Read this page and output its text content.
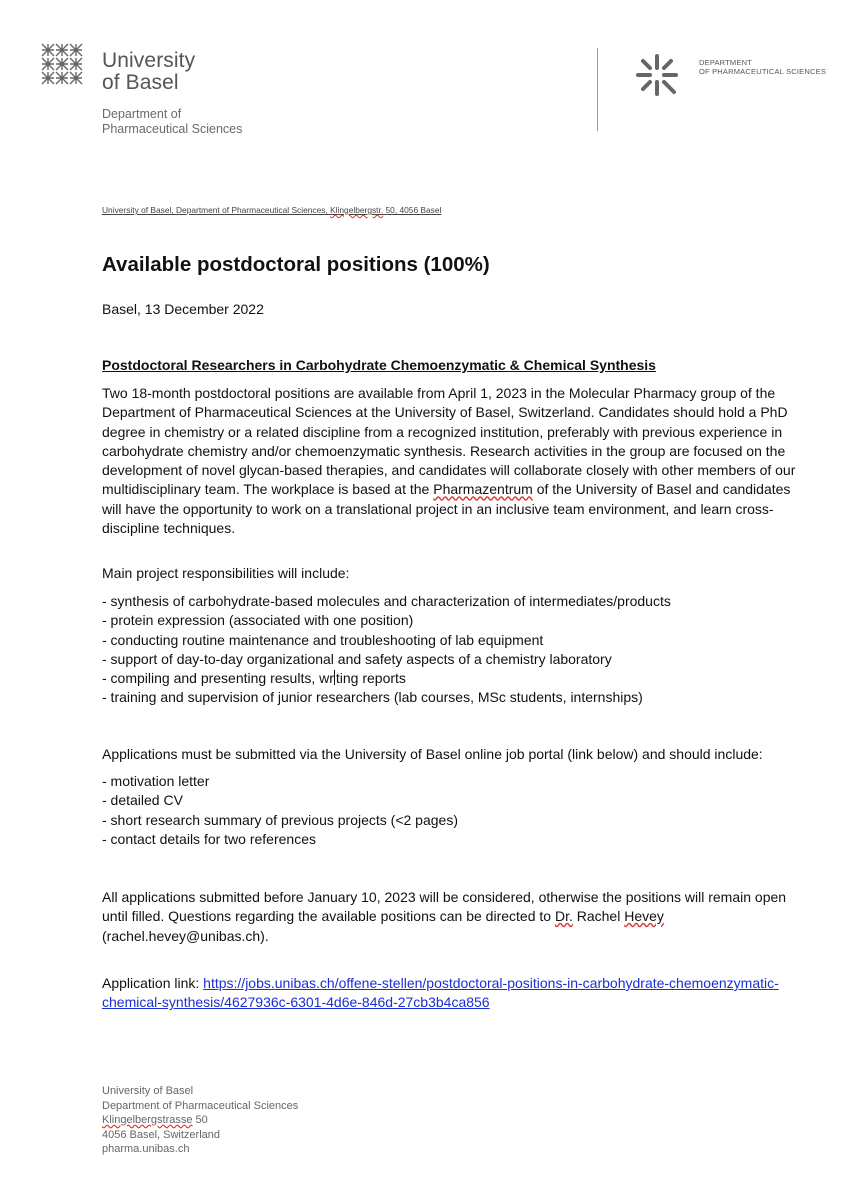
University
of Basel
Department of
Pharmaceutical Sciences
DEPARTMENT
OF PHARMACEUTICAL SCIENCES
University of Basel, Department of Pharmaceutical Sciences, Klingelbergstr. 50, 4056 Basel
Available postdoctoral positions (100%)
Basel, 13 December 2022
Postdoctoral Researchers in Carbohydrate Chemoenzymatic & Chemical Synthesis
Two 18-month postdoctoral positions are available from April 1, 2023 in the Molecular Pharmacy group of the Department of Pharmaceutical Sciences at the University of Basel, Switzerland. Candidates should hold a PhD degree in chemistry or a related discipline from a recognized institution, preferably with previous experience in carbohydrate chemistry and/or chemoenzymatic synthesis. Research activities in the group are focused on the development of novel glycan-based therapies, and candidates will collaborate closely with other members of our multidisciplinary team. The workplace is based at the Pharmazentrum of the University of Basel and candidates will have the opportunity to work on a translational project in an inclusive team environment, and learn cross-discipline techniques.
Main project responsibilities will include:
- synthesis of carbohydrate-based molecules and characterization of intermediates/products
- protein expression (associated with one position)
- conducting routine maintenance and troubleshooting of lab equipment
- support of day-to-day organizational and safety aspects of a chemistry laboratory
- compiling and presenting results, wr ting reports
- training and supervision of junior researchers (lab courses, MSc students, internships)
Applications must be submitted via the University of Basel online job portal (link below) and should include:
- motivation letter
- detailed CV
- short research summary of previous projects (<2 pages)
- contact details for two references
All applications submitted before January 10, 2023 will be considered, otherwise the positions will remain open until filled. Questions regarding the available positions can be directed to Dr. Rachel Hevey (rachel.hevey@unibas.ch).
Application link: https://jobs.unibas.ch/offene-stellen/postdoctoral-positions-in-carbohydrate-chemoenzymatic-chemical-synthesis/4627936c-6301-4d6e-846d-27cb3b4ca856
University of Basel
Department of Pharmaceutical Sciences
Klingelbergstrasse 50
4056 Basel, Switzerland
pharma.unibas.ch
